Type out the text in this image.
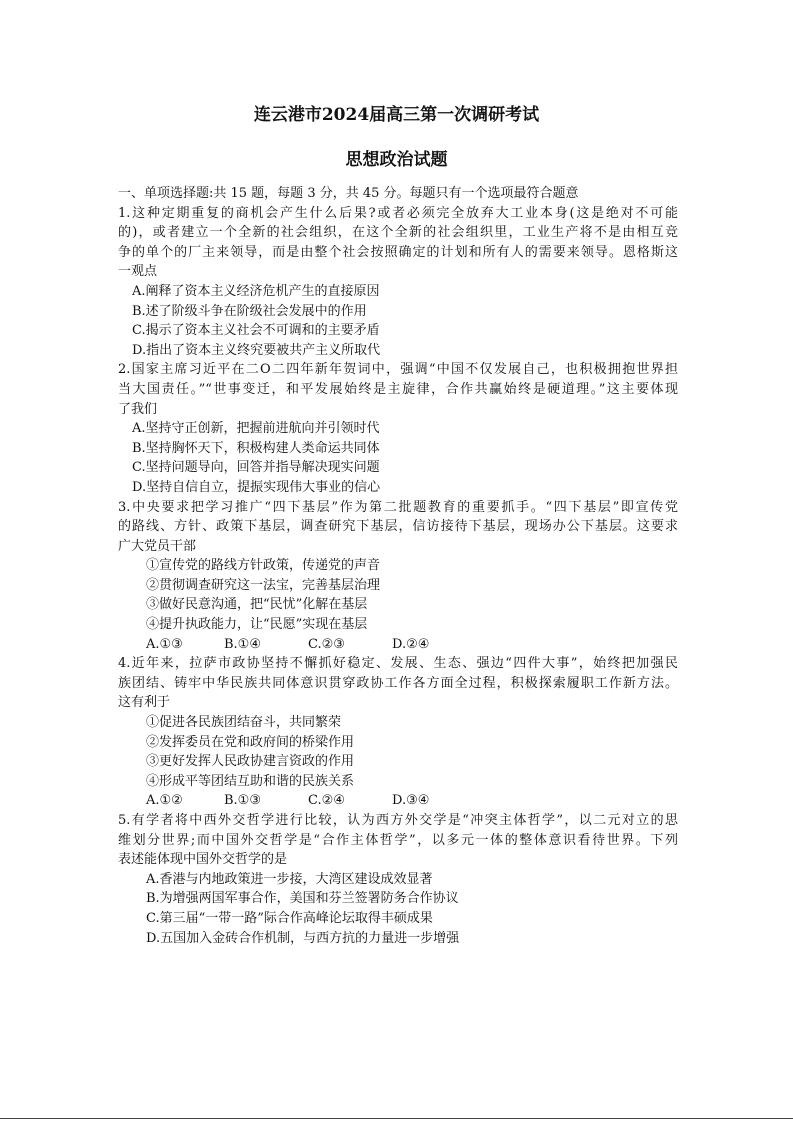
连云港市2024届高三第一次调研考试
思想政治试题
一、单项选择题:共 15 题，每题 3 分，共 45 分。每题只有一个选项最符合题意
1.这种定期重复的商机会产生什么后果?或者必须完全放弃大工业本身(这是绝对不可能
的)，或者建立一个全新的社会组织，在这个全新的社会组织里，工业生产将不是由相互竞
争的单个的厂主来领导，而是由整个社会按照确定的计划和所有人的需要来领导。恩格斯这
一观点
A.阐释了资本主义经济危机产生的直接原因
B.述了阶级斗争在阶级社会发展中的作用
C.揭示了资本主义社会不可调和的主要矛盾
D.指出了资本主义终究要被共产主义所取代
2.国家主席习近平在二O二四年新年贺词中，强调“中国不仅发展自己，也积极拥抱世界担
当大国责任。”“世事变迁，和平发展始终是主旋律，合作共赢始终是硬道理。”这主要体现
了我们
A.坚持守正创新，把握前进航向并引领时代
B.坚持胸怀天下，积极构建人类命运共同体
C.坚持问题导向，回答并指导解决现实问题
D.坚持自信自立，提振实现伟大事业的信心
3.中央要求把学习推广“四下基层”作为第二批题教育的重要抓手。“四下基层”即宣传党
的路线、方针、政策下基层，调查研究下基层，信访接待下基层，现场办公下基层。这要求
广大党员干部
①宣传党的路线方针政策，传递党的声音
②贯彻调查研究这一法宝，完善基层治理
③做好民意沟通，把“民忧”化解在基层
④提升执政能力，让“民愿”实现在基层
A.①③	B.①④	C.②③	D.②④
4.近年来，拉萨市政协坚持不懈抓好稳定、发展、生态、强边“四件大事”，始终把加强民
族团结、铸牢中华民族共同体意识贯穿政协工作各方面全过程，积极探索履职工作新方法。
这有利于
①促进各民族团结奋斗，共同繁荣
②发挥委员在党和政府间的桥梁作用
③更好发挥人民政协建言资政的作用
④形成平等团结互助和谐的民族关系
A.①②	B.①③	C.②④	D.③④
5.有学者将中西外交哲学进行比较，认为西方外交学是“冲突主体哲学”，以二元对立的思
维划分世界;而中国外交哲学是“合作主体哲学”，以多元一体的整体意识看待世界。下列
表述能体现中国外交哲学的是
A.香港与内地政策进一步接，大湾区建设成效显著
B.为增强两国军事合作，美国和芬兰签署防务合作协议
C.第三届“一带一路”际合作高峰论坛取得丰硕成果
D.五国加入金砖合作机制，与西方抗的力量进一步增强
